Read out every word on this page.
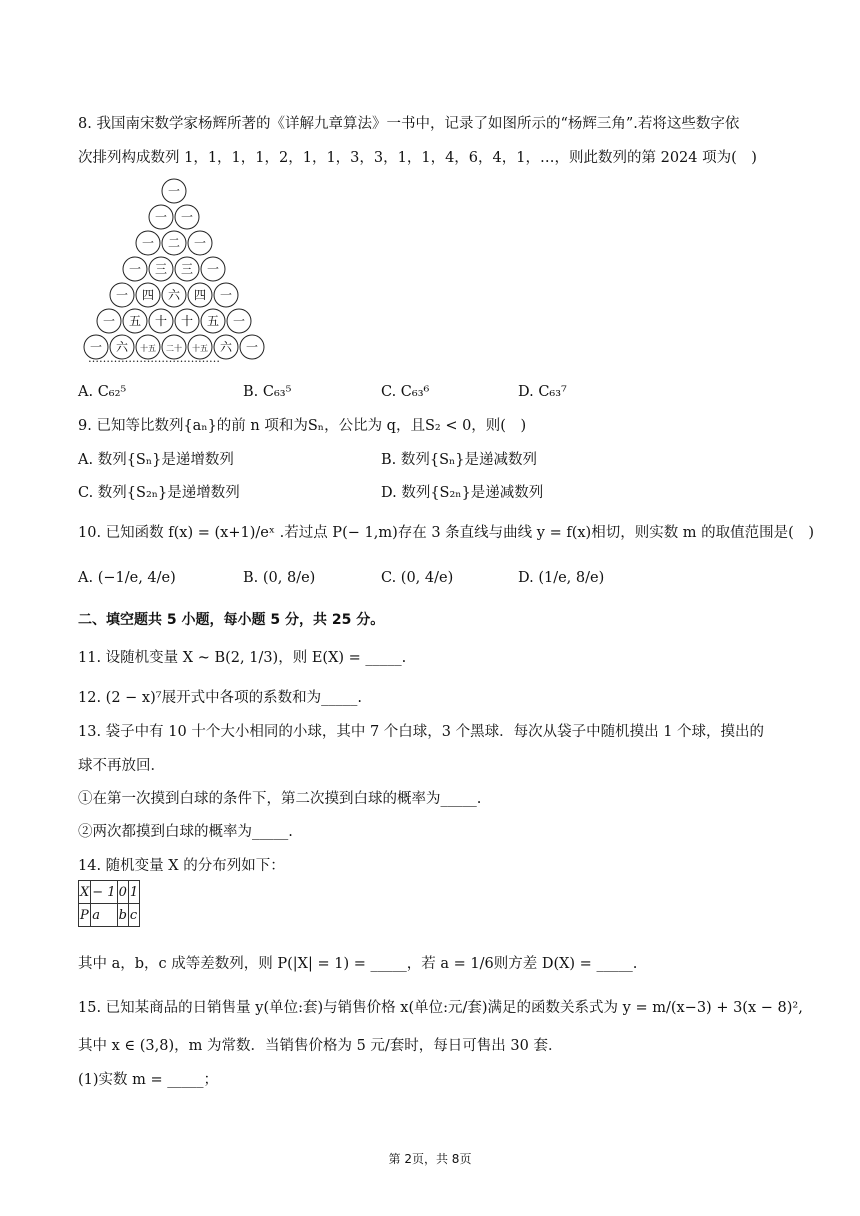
8. 我国南宋数学家杨辉所著的《详解九章算法》一书中，记录了如图所示的“杨辉三角”.若将这些数字依
次排列构成数列 1，1，1，1，2，1，1，3，3，1，1，4，6，4，1，…，则此数列的第 2024 项为(　)
一
一 一
一 二 一
一 三 三 一
一 四 六 四 一
一 五 十 十 五 一
一 六 十五 二十 十五 六 一
………………………………
A. C₆₂⁵	B. C₆₃⁵	C. C₆₃⁶	D. C₆₃⁷
9. 已知等比数列{aₙ}的前 n 项和为Sₙ，公比为 q，且S₂ < 0，则(　)
A. 数列{Sₙ}是递增数列	B. 数列{Sₙ}是递减数列
C. 数列{S₂ₙ}是递增数列	D. 数列{S₂ₙ}是递减数列
10. 已知函数 f(x) = (x+1)/eˣ .若过点 P(− 1,m)存在 3 条直线与曲线 y = f(x)相切，则实数 m 的取值范围是(　)
A. (−1/e, 4/e)	B. (0, 8/e)	C. (0, 4/e)	D. (1/e, 8/e)
二、填空题共 5 小题，每小题 5 分，共 25 分。
11. 设随机变量 X ~ B(2, 1/3)，则 E(X) = _____.
12. (2 − x)⁷展开式中各项的系数和为_____.
13. 袋子中有 10 十个大小相同的小球，其中 7 个白球，3 个黑球．每次从袋子中随机摸出 1 个球，摸出的
球不再放回．
①在第一次摸到白球的条件下，第二次摸到白球的概率为_____.
②两次都摸到白球的概率为_____.
14. 随机变量 X 的分布列如下：
X	− 1	0	1
P	a	b	c
其中 a，b，c 成等差数列，则 P(|X| = 1) = _____，若 a = 1/6则方差 D(X) = _____.
15. 已知某商品的日销售量 y(单位:套)与销售价格 x(单位:元/套)满足的函数关系式为 y = m/(x−3) + 3(x − 8)²,
其中 x ∈ (3,8)，m 为常数．当销售价格为 5 元/套时，每日可售出 30 套．
(1)实数 m = _____；
第 2页，共 8页
